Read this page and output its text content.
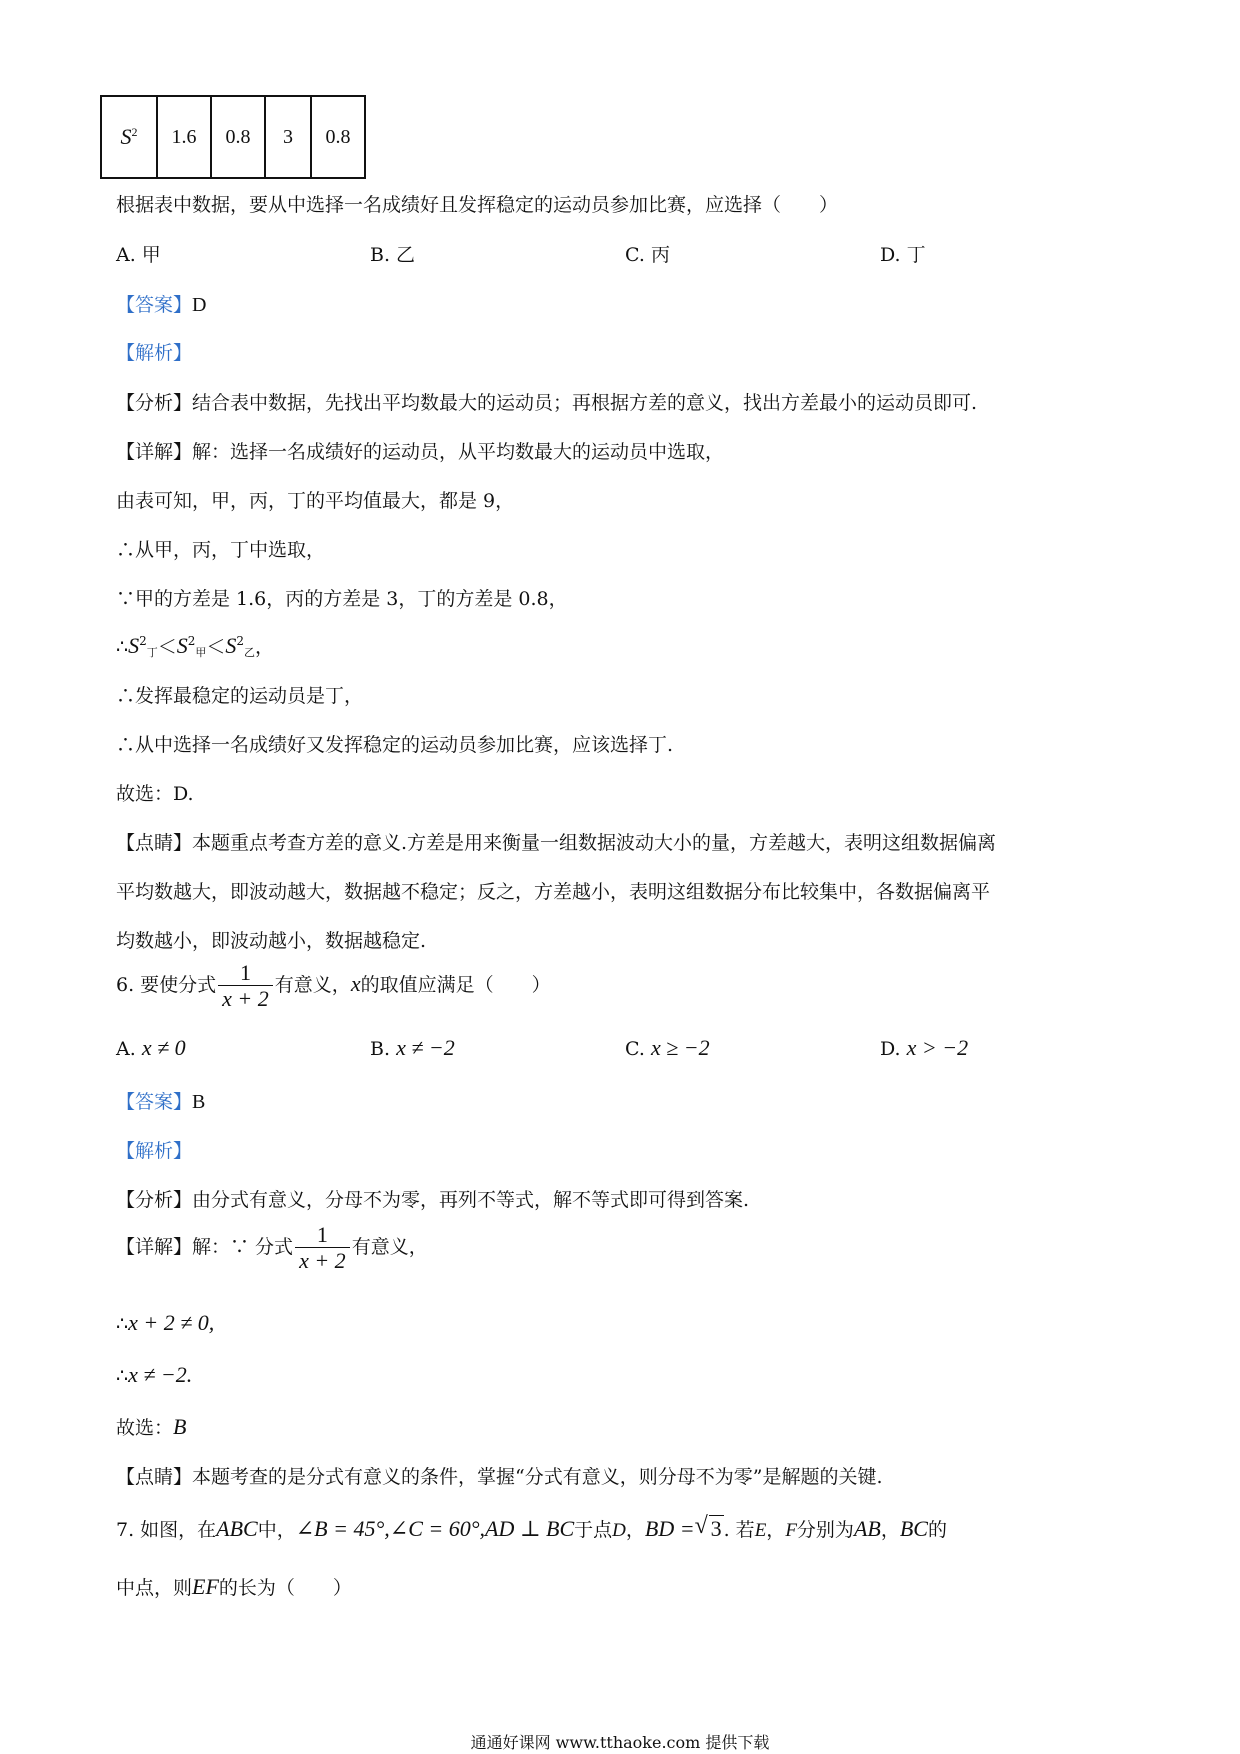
$S^2$	1.6	0.8	3	0.8
根据表中数据，要从中选择一名成绩好且发挥稳定的运动员参加比赛，应选择（　　）
A. 甲	B. 乙	C. 丙	D. 丁
【答案】D
【解析】
【分析】结合表中数据，先找出平均数最大的运动员；再根据方差的意义，找出方差最小的运动员即可.
【详解】解：选择一名成绩好的运动员，从平均数最大的运动员中选取，
由表可知，甲，丙，丁的平均值最大，都是 9，
∴从甲，丙，丁中选取，
∵甲的方差是 1.6，丙的方差是 3，丁的方差是 0.8，
$\therefore S^2_丁<S^2_甲<S^2_乙$，
∴发挥最稳定的运动员是丁，
∴从中选择一名成绩好又发挥稳定的运动员参加比赛，应该选择丁.
故选：D.
【点睛】本题重点考查方差的意义.方差是用来衡量一组数据波动大小的量，方差越大，表明这组数据偏离
平均数越大，即波动越大，数据越不稳定；反之，方差越小，表明这组数据分布比较集中，各数据偏离平
均数越小，即波动越小，数据越稳定.
6. 要使分式 $\frac{1}{x + 2}$ 有意义，x的取值应满足（　　）
A. x ≠ 0	B. x ≠ −2	C. x ≥ −2	D. x > −2
【答案】B
【解析】
【分析】由分式有意义，分母不为零，再列不等式，解不等式即可得到答案.
【详解】解：∵ 分式 $\frac{1}{x + 2}$ 有意义，
∴x + 2 ≠ 0,
∴x ≠ −2.
故选：B
【点睛】本题考查的是分式有意义的条件，掌握“分式有意义，则分母不为零”是解题的关键.
7. 如图，在ABC中，∠B = 45°,∠C = 60°,AD ⊥ BC于点D，BD =√ 3 . 若E，F分别为AB，BC的
中点，则EF的长为（　　）
通通好课网 www.tthaoke.com 提供下载
